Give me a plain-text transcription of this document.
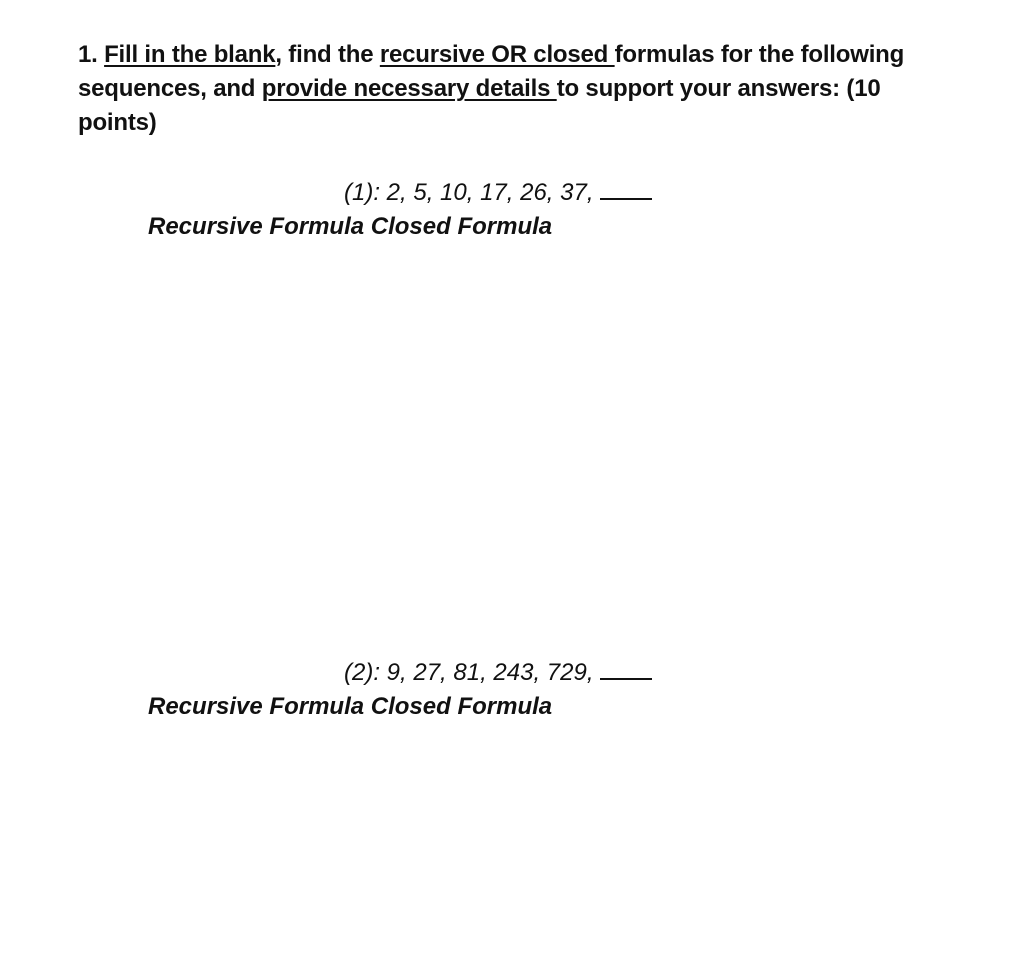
1. Fill in the blank, find the recursive OR closed formulas for the following sequences, and provide necessary details to support your answers: (10 points)
(1): 2, 5, 10, 17, 26, 37,
Recursive Formula Closed Formula
(2): 9, 27, 81, 243, 729,
Recursive Formula Closed Formula
